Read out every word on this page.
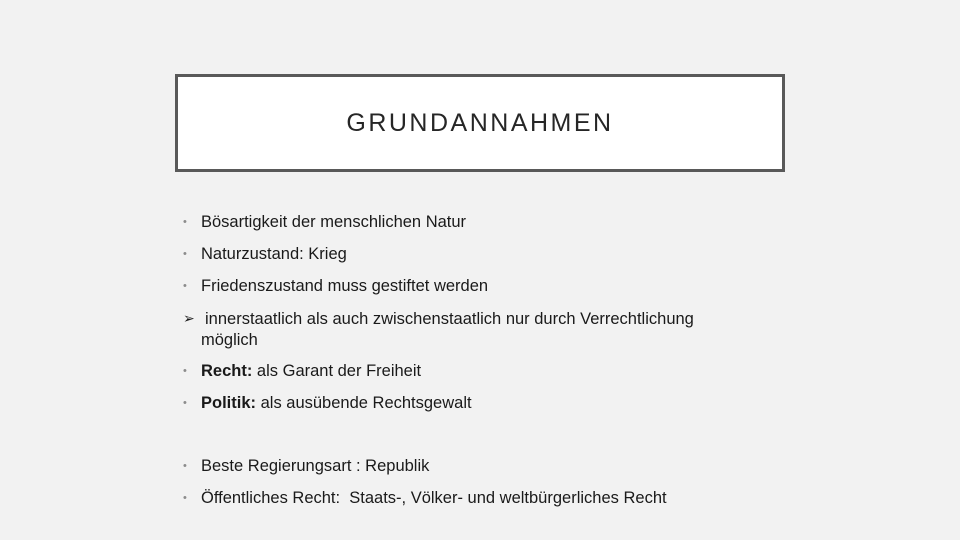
GRUNDANNAHMEN
• Bösartigkeit der menschlichen Natur
• Naturzustand: Krieg
• Friedenszustand muss gestiftet werden
➢ innerstaatlich als auch zwischenstaatlich nur durch Verrechtlichung
möglich
• Recht: als Garant der Freiheit
• Politik: als ausübende Rechtsgewalt
• Beste Regierungsart : Republik
• Öffentliches Recht:  Staats-, Völker- und weltbürgerliches Recht
